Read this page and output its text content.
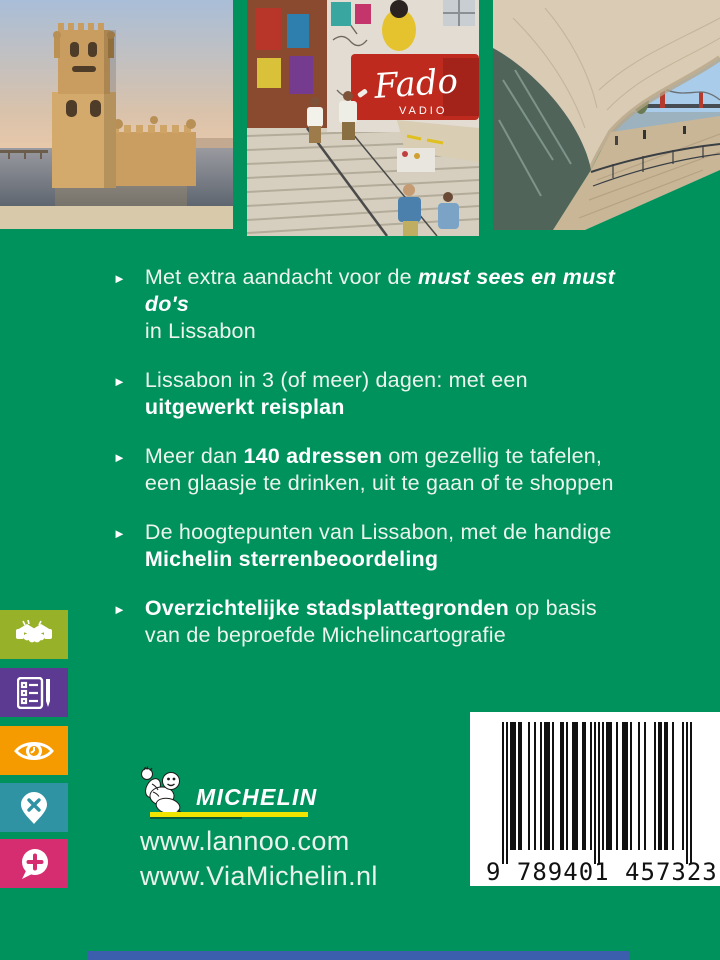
Fado
VADIO
► Met extra aandacht voor de must sees en must do's
in Lissabon
► Lissabon in 3 (of meer) dagen: met een
uitgewerkt reisplan
► Meer dan 140 adressen om gezellig te tafelen,
een glaasje te drinken, uit te gaan of te shoppen
► De hoogtepunten van Lissabon, met de handige
Michelin sterrenbeoordeling
► Overzichtelijke stadsplattegronden op basis
van de beproefde Michelincartografie
MICHELIN
www.lannoo.com
www.ViaMichelin.nl	9 789401 457323
